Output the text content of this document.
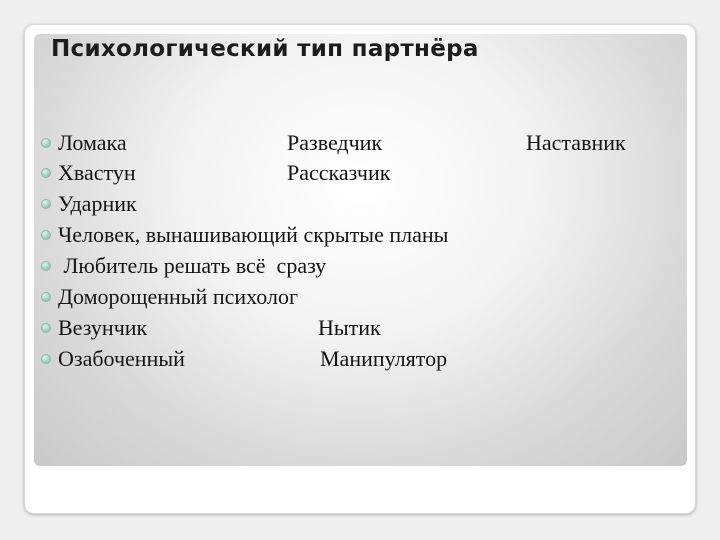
Психологический тип партнёра
Ломака	Разведчик	Наставник
Хвастун	Рассказчик
Ударник
Человек, вынашивающий скрытые планы
Любитель решать всё  сразу
Доморощенный психолог
Везунчик	Нытик
Озабоченный	Манипулятор
